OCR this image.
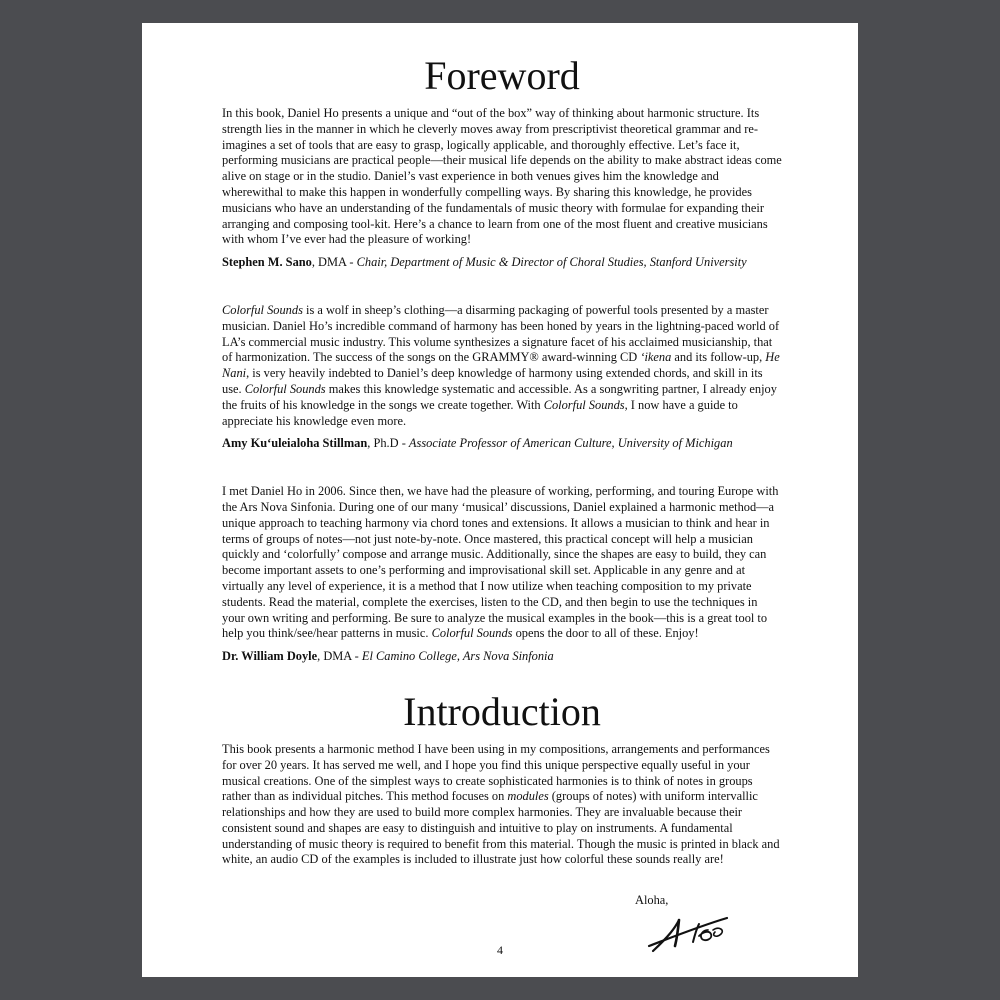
Foreword

In this book, Daniel Ho presents a unique and “out of the box” way of thinking about harmonic structure. Its strength lies in the manner in which he cleverly moves away from prescriptivist theoretical grammar and re-imagines a set of tools that are easy to grasp, logically applicable, and thoroughly effective. Let’s face it, performing musicians are practical people—their musical life depends on the ability to make abstract ideas come alive on stage or in the studio. Daniel’s vast experience in both venues gives him the knowledge and wherewithal to make this happen in wonderfully compelling ways. By sharing this knowledge, he provides musicians who have an understanding of the fundamentals of music theory with formulae for expanding their arranging and composing tool-kit. Here’s a chance to learn from one of the most fluent and creative musicians with whom I’ve ever had the pleasure of working!

Stephen M. Sano, DMA - Chair, Department of Music & Director of Choral Studies, Stanford University

Colorful Sounds is a wolf in sheep’s clothing—a disarming packaging of powerful tools presented by a master musician. Daniel Ho’s incredible command of harmony has been honed by years in the lightning-paced world of LA’s commercial music industry. This volume synthesizes a signature facet of his acclaimed musicianship, that of harmonization. The success of the songs on the GRAMMY® award-winning CD ‘ikena and its follow-up, He Nani, is very heavily indebted to Daniel’s deep knowledge of harmony using extended chords, and skill in its use. Colorful Sounds makes this knowledge systematic and accessible. As a songwriting partner, I already enjoy the fruits of his knowledge in the songs we create together. With Colorful Sounds, I now have a guide to appreciate his knowledge even more.

Amy Ku‘uleialoha Stillman, Ph.D - Associate Professor of American Culture, University of Michigan

I met Daniel Ho in 2006. Since then, we have had the pleasure of working, performing, and touring Europe with the Ars Nova Sinfonia. During one of our many ‘musical’ discussions, Daniel explained a harmonic method—a unique approach to teaching harmony via chord tones and extensions. It allows a musician to think and hear in terms of groups of notes—not just note-by-note. Once mastered, this practical concept will help a musician quickly and ‘colorfully’ compose and arrange music. Additionally, since the shapes are easy to build, they can become important assets to one’s performing and improvisational skill set. Applicable in any genre and at virtually any level of experience, it is a method that I now utilize when teaching composition to my private students. Read the material, complete the exercises, listen to the CD, and then begin to use the techniques in your own writing and performing. Be sure to analyze the musical examples in the book—this is a great tool to help you think/see/hear patterns in music. Colorful Sounds opens the door to all of these. Enjoy!

Dr. William Doyle, DMA - El Camino College, Ars Nova Sinfonia

Introduction

This book presents a harmonic method I have been using in my compositions, arrangements and performances for over 20 years. It has served me well, and I hope you find this unique perspective equally useful in your musical creations. One of the simplest ways to create sophisticated harmonies is to think of notes in groups rather than as individual pitches. This method focuses on modules (groups of notes) with uniform intervallic relationships and how they are used to build more complex harmonies. They are invaluable because their consistent sound and shapes are easy to distinguish and intuitive to play on instruments. A fundamental understanding of music theory is required to benefit from this material. Though the music is printed in black and white, an audio CD of the examples is included to illustrate just how colorful these sounds really are!

Aloha,
4
